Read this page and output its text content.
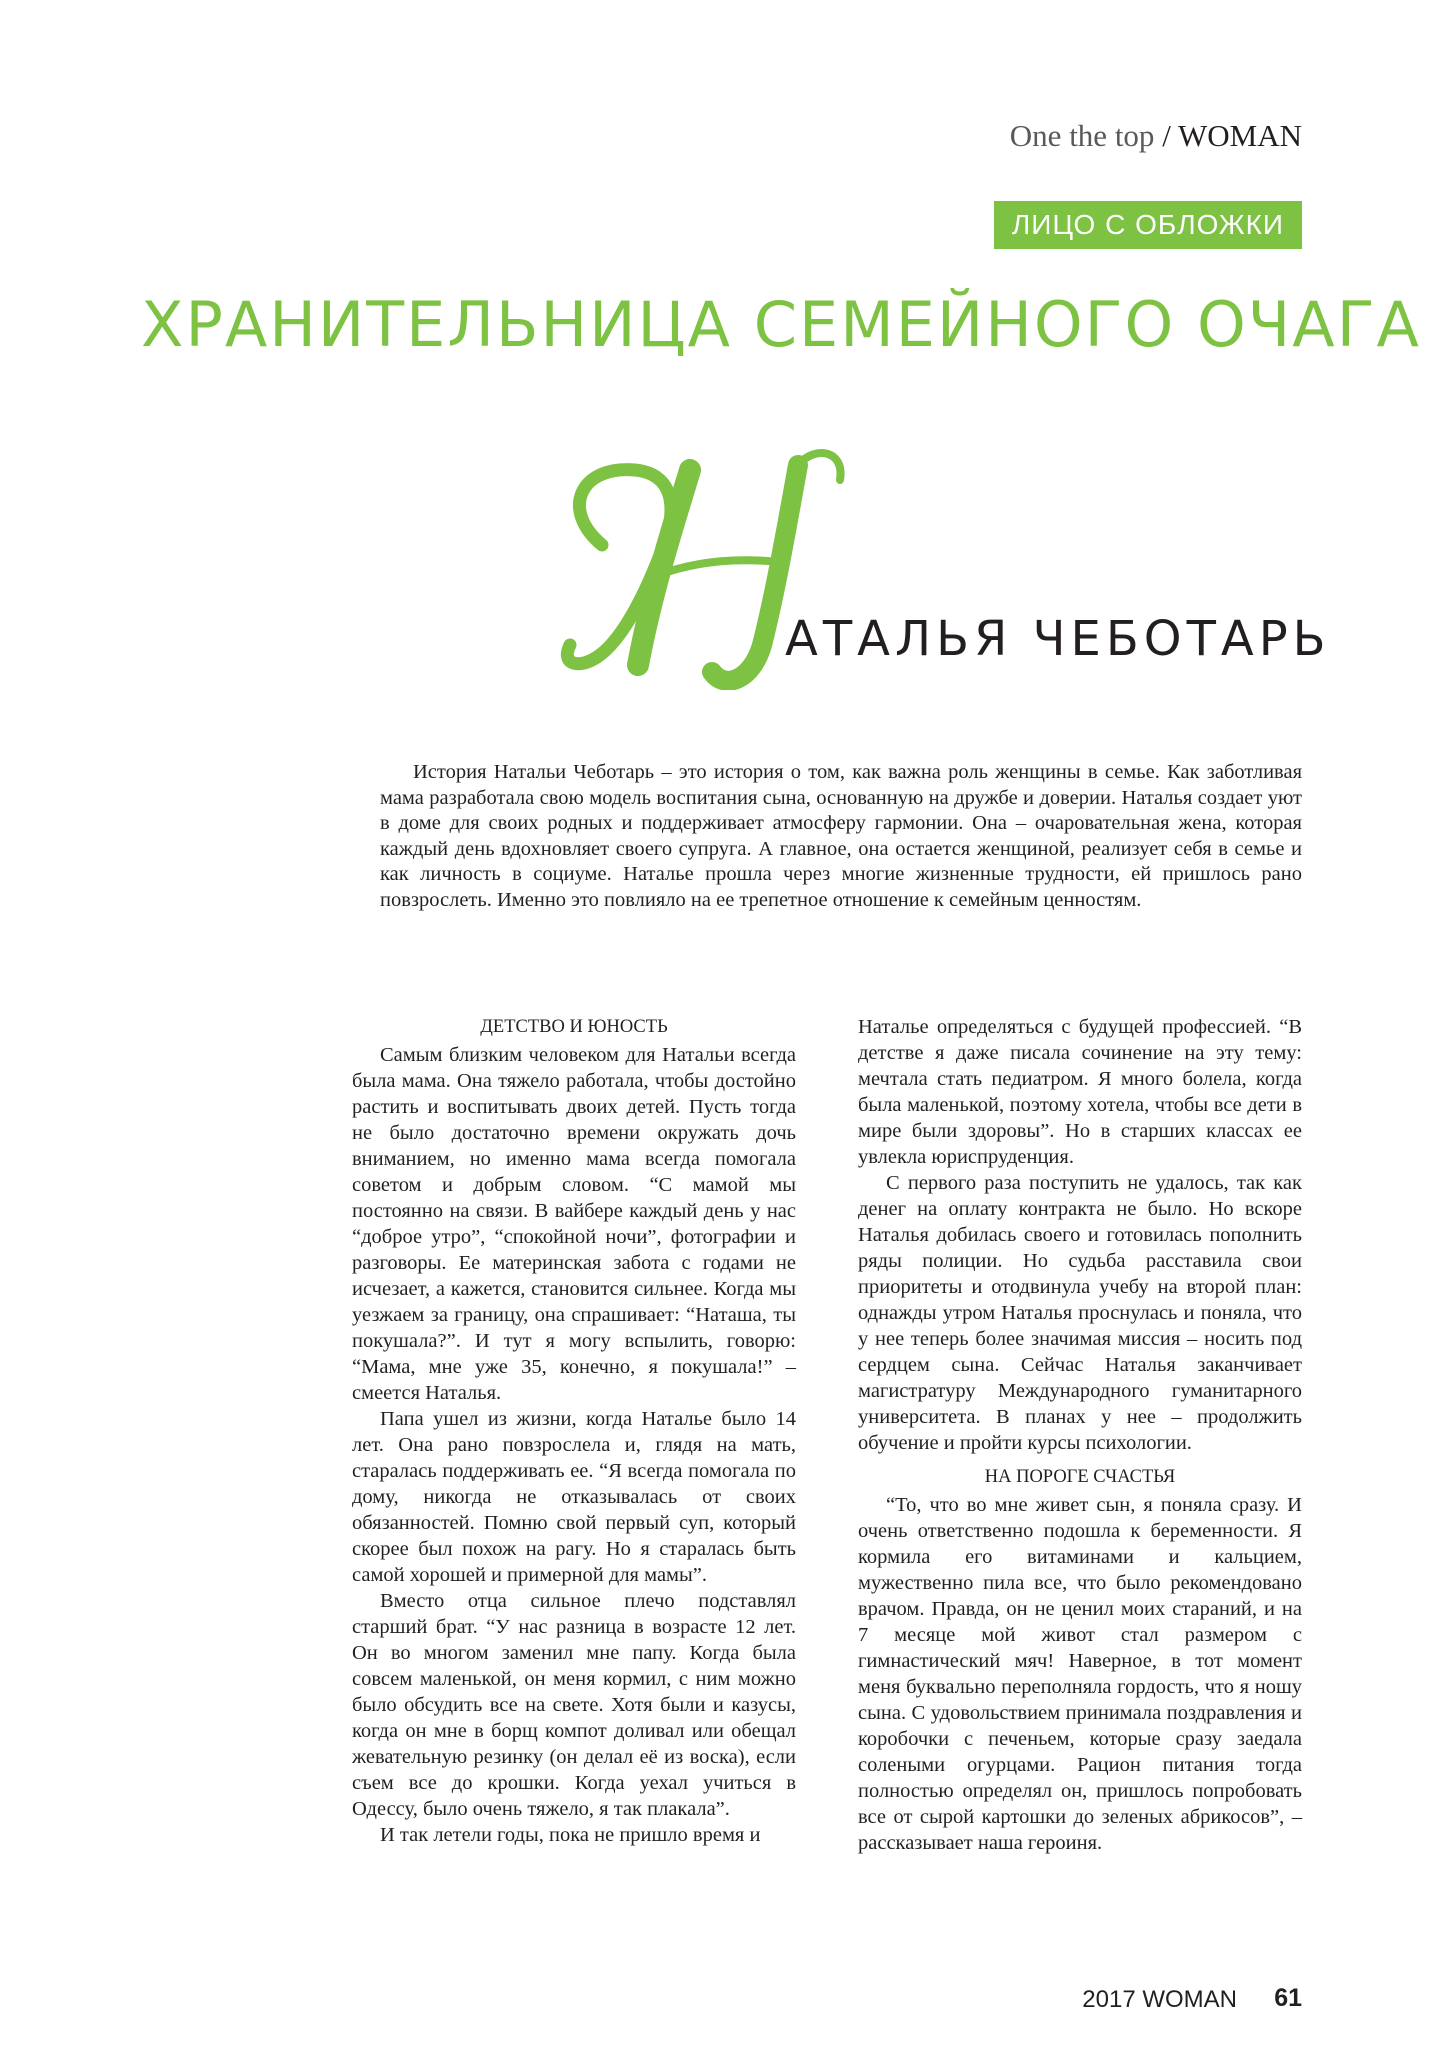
One the top / WOMAN
ЛИЦО С ОБЛОЖКИ
ХРАНИТЕЛЬНИЦА СЕМЕЙНОГО ОЧАГА
Н
АТАЛЬЯ ЧЕБОТАРЬ

История Натальи Чеботарь – это история о том, как важна роль женщины в семье. Как заботливая мама разработала свою модель воспитания сына, основанную на дружбе и доверии. Наталья создает уют в доме для своих родных и поддерживает атмосферу гармонии. Она – очаровательная жена, которая каждый день вдохновляет своего супруга. А главное, она остается женщиной, реализует себя в семье и как личность в социуме. Наталье прошла через многие жизненные трудности, ей пришлось рано повзрослеть. Именно это повлияло на ее трепетное отношение к семейным ценностям.

ДЕТСТВО И ЮНОСТЬ

Самым близким человеком для Натальи всегда была мама. Она тяжело работала, чтобы достойно растить и воспитывать двоих детей. Пусть тогда не было достаточно времени окружать дочь вниманием, но именно мама всегда помогала советом и добрым словом. “С мамой мы постоянно на связи. В вайбере каждый день у нас “доброе утро”, “спокойной ночи”, фотографии и разговоры. Ее материнская забота с годами не исчезает, а кажется, становится сильнее. Когда мы уезжаем за границу, она спрашивает: “Наташа, ты покушала?”. И тут я могу вспылить, говорю: “Мама, мне уже 35, конечно, я покушала!” – смеется Наталья.

Папа ушел из жизни, когда Наталье было 14 лет. Она рано повзрослела и, глядя на мать, старалась поддерживать ее. “Я всегда помогала по дому, никогда не отказывалась от своих обязанностей. Помню свой первый суп, который скорее был похож на рагу. Но я старалась быть самой хорошей и примерной для мамы”.

Вместо отца сильное плечо подставлял старший брат. “У нас разница в возрасте 12 лет. Он во многом заменил мне папу. Когда была совсем маленькой, он меня кормил, с ним можно было обсудить все на свете. Хотя были и казусы, когда он мне в борщ компот доливал или обещал жевательную резинку (он делал её из воска), если съем все до крошки. Когда уехал учиться в Одессу, было очень тяжело, я так плакала”.

И так летели годы, пока не пришло время и

Наталье определяться с будущей профессией. “В детстве я даже писала сочинение на эту тему: мечтала стать педиатром. Я много болела, когда была маленькой, поэтому хотела, чтобы все дети в мире были здоровы”. Но в старших классах ее увлекла юриспруденция.

С первого раза поступить не удалось, так как денег на оплату контракта не было. Но вскоре Наталья добилась своего и готовилась пополнить ряды полиции. Но судьба расставила свои приоритеты и отодвинула учебу на второй план: однажды утром Наталья проснулась и поняла, что у нее теперь более значимая миссия – носить под сердцем сына. Сейчас Наталья заканчивает магистратуру Международного гуманитарного университета. В планах у нее – продолжить обучение и пройти курсы психологии.

НА ПОРОГЕ СЧАСТЬЯ

“То, что во мне живет сын, я поняла сразу. И очень ответственно подошла к беременности. Я кормила его витаминами и кальцием, мужественно пила все, что было рекомендовано врачом. Правда, он не ценил моих стараний, и на 7 месяце мой живот стал размером с гимнастический мяч! Наверное, в тот момент меня буквально переполняла гордость, что я ношу сына. С удовольствием принимала поздравления и коробочки с печеньем, которые сразу заедала солеными огурцами. Рацион питания тогда полностью определял он, пришлось попробовать все от сырой картошки до зеленых абрикосов”, – рассказывает наша героиня.

2017 WOMAN 61
